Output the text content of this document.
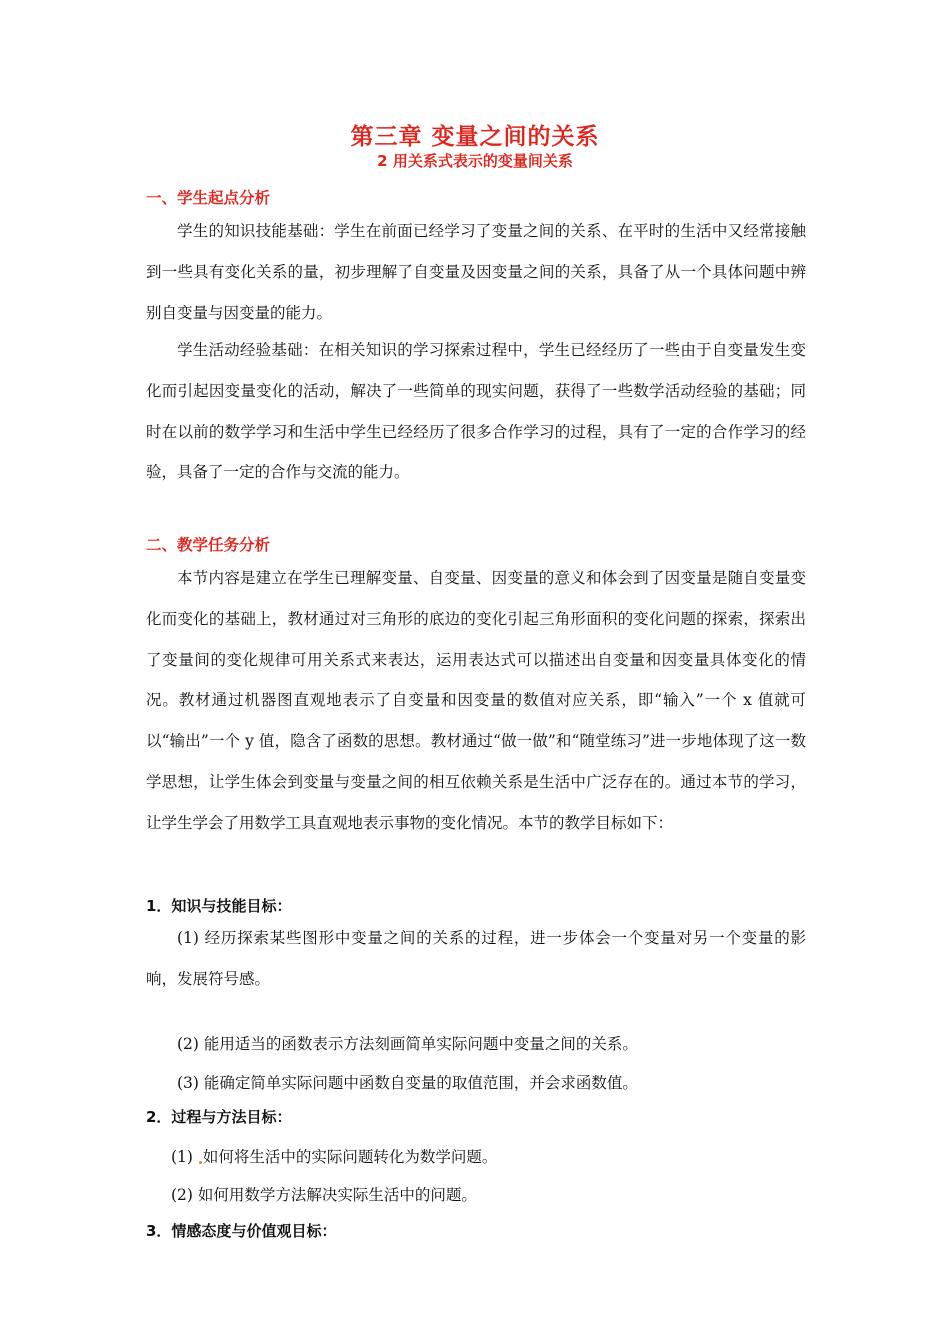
第三章 变量之间的关系
2 用关系式表示的变量间关系
一、学生起点分析

学生的知识技能基础：学生在前面已经学习了变量之间的关系、在平时的生活中又经常接触到一些具有变化关系的量，初步理解了自变量及因变量之间的关系，具备了从一个具体问题中辨别自变量与因变量的能力。

学生活动经验基础：在相关知识的学习探索过程中，学生已经经历了一些由于自变量发生变化而引起因变量变化的活动，解决了一些简单的现实问题，获得了一些数学活动经验的基础；同时在以前的数学学习和生活中学生已经经历了很多合作学习的过程，具有了一定的合作学习的经验，具备了一定的合作与交流的能力。

二、教学任务分析

本节内容是建立在学生已理解变量、自变量、因变量的意义和体会到了因变量是随自变量变化而变化的基础上，教材通过对三角形的底边的变化引起三角形面积的变化问题的探索，探索出了变量间的变化规律可用关系式来表达，运用表达式可以描述出自变量和因变量具体变化的情况。教材通过机器图直观地表示了自变量和因变量的数值对应关系，即“输入”一个 x 值就可以“输出”一个 y 值，隐含了函数的思想。教材通过“做一做”和“随堂练习”进一步地体现了这一数学思想，让学生体会到变量与变量之间的相互依赖关系是生活中广泛存在的。通过本节的学习，让学生学会了用数学工具直观地表示事物的变化情况。本节的教学目标如下：

1．知识与技能目标：

(1) 经历探索某些图形中变量之间的关系的过程，进一步体会一个变量对另一个变量的影响，发展符号感。

(2) 能用适当的函数表示方法刻画简单实际问题中变量之间的关系。
(3) 能确定简单实际问题中函数自变量的取值范围，并会求函数值。
2．过程与方法目标：
(1) 如何将生活中的实际问题转化为数学问题。
(2) 如何用数学方法解决实际生活中的问题。
3．情感态度与价值观目标：
